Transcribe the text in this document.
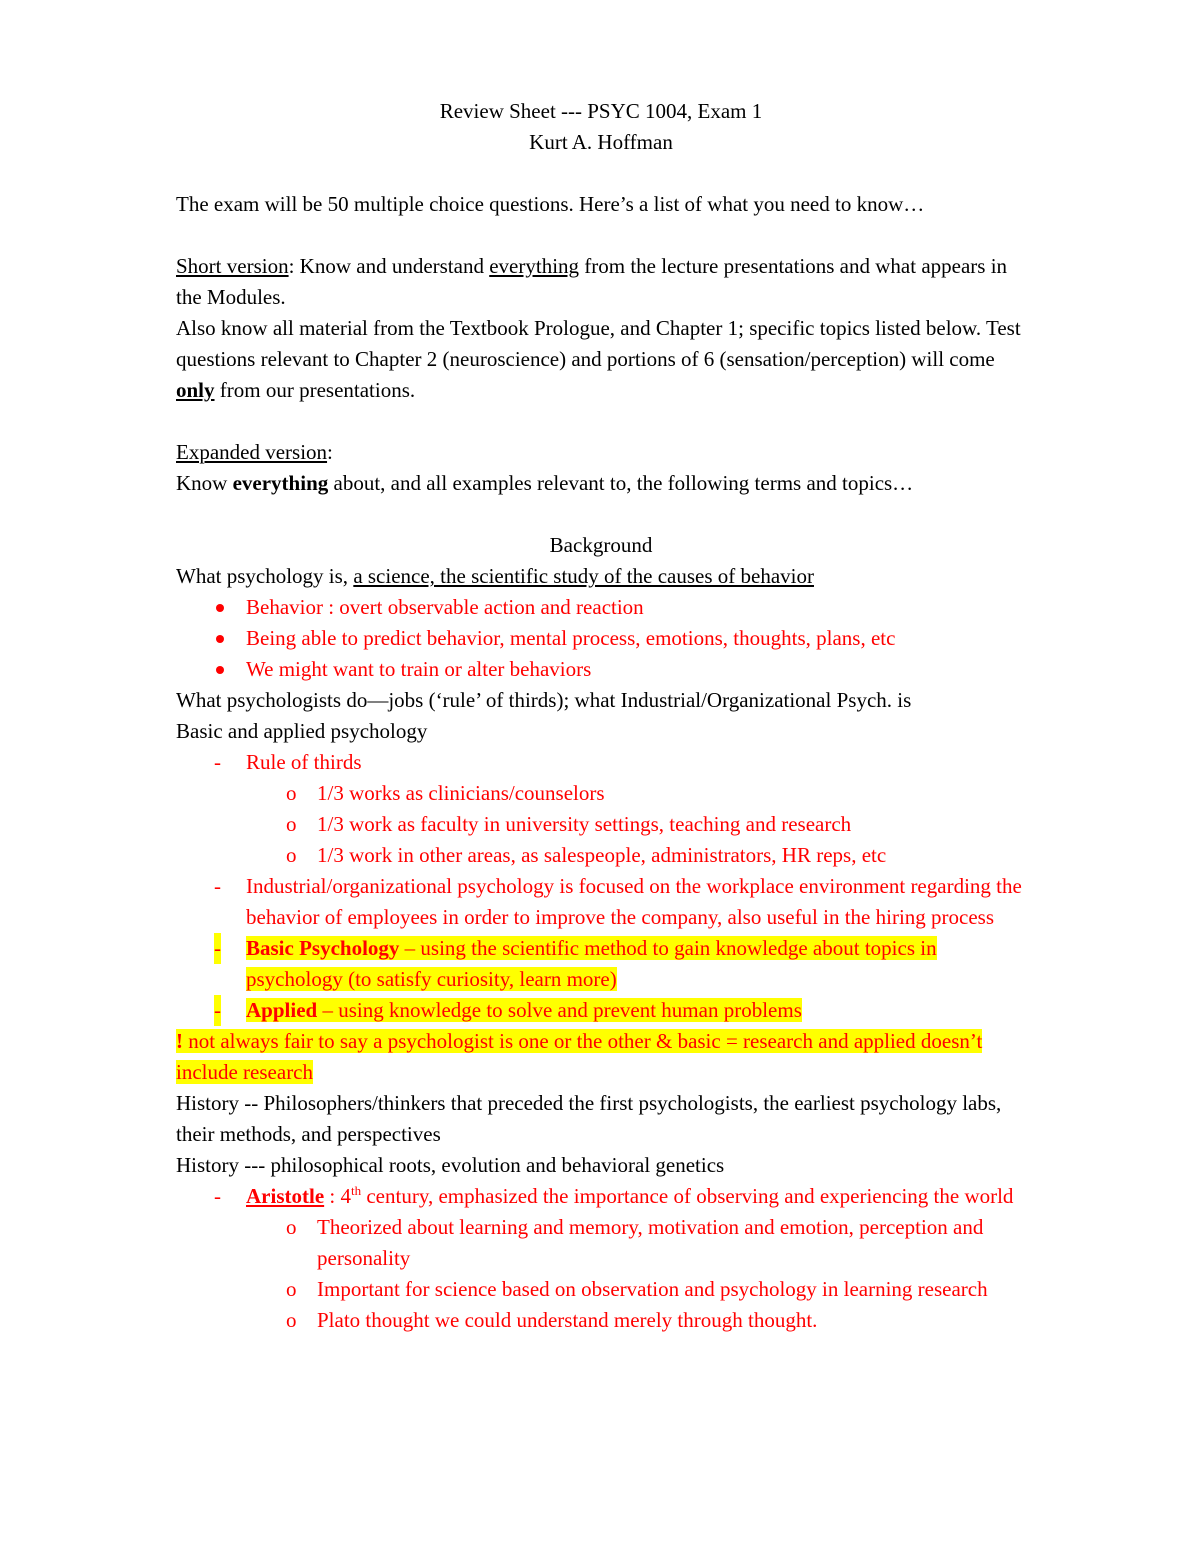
Review Sheet --- PSYC 1004, Exam 1

Kurt A. Hoffman

The exam will be 50 multiple choice questions. Here’s a list of what you need to know…

Short version: Know and understand everything from the lecture presentations and what appears in the Modules.

Also know all material from the Textbook Prologue, and Chapter 1; specific topics listed below. Test questions relevant to Chapter 2 (neuroscience) and portions of 6 (sensation/perception) will come only from our presentations.

Expanded version:

Know everything about, and all examples relevant to, the following terms and topics…

Background

What psychology is, a science, the scientific study of the causes of behavior

Behavior : overt observable action and reaction
Being able to predict behavior, mental process, emotions, thoughts, plans, etc
We might want to train or alter behaviors

What psychologists do—jobs (‘rule’ of thirds); what Industrial/Organizational Psych. is

Basic and applied psychology

- Rule of thirds
o 1/3 works as clinicians/counselors
o 1/3 work as faculty in university settings, teaching and research
o 1/3 work in other areas, as salespeople, administrators, HR reps, etc
- Industrial/organizational psychology is focused on the workplace environment regarding the behavior of employees in order to improve the company, also useful in the hiring process
- Basic Psychology – using the scientific method to gain knowledge about topics in psychology (to satisfy curiosity, learn more)
- Applied – using knowledge to solve and prevent human problems

! not always fair to say a psychologist is one or the other & basic = research and applied doesn’t include research

History -- Philosophers/thinkers that preceded the first psychologists, the earliest psychology labs, their methods, and perspectives

History --- philosophical roots, evolution and behavioral genetics

- Aristotle : 4th century, emphasized the importance of observing and experiencing the world
o Theorized about learning and memory, motivation and emotion, perception and personality
o Important for science based on observation and psychology in learning research
o Plato thought we could understand merely through thought.
